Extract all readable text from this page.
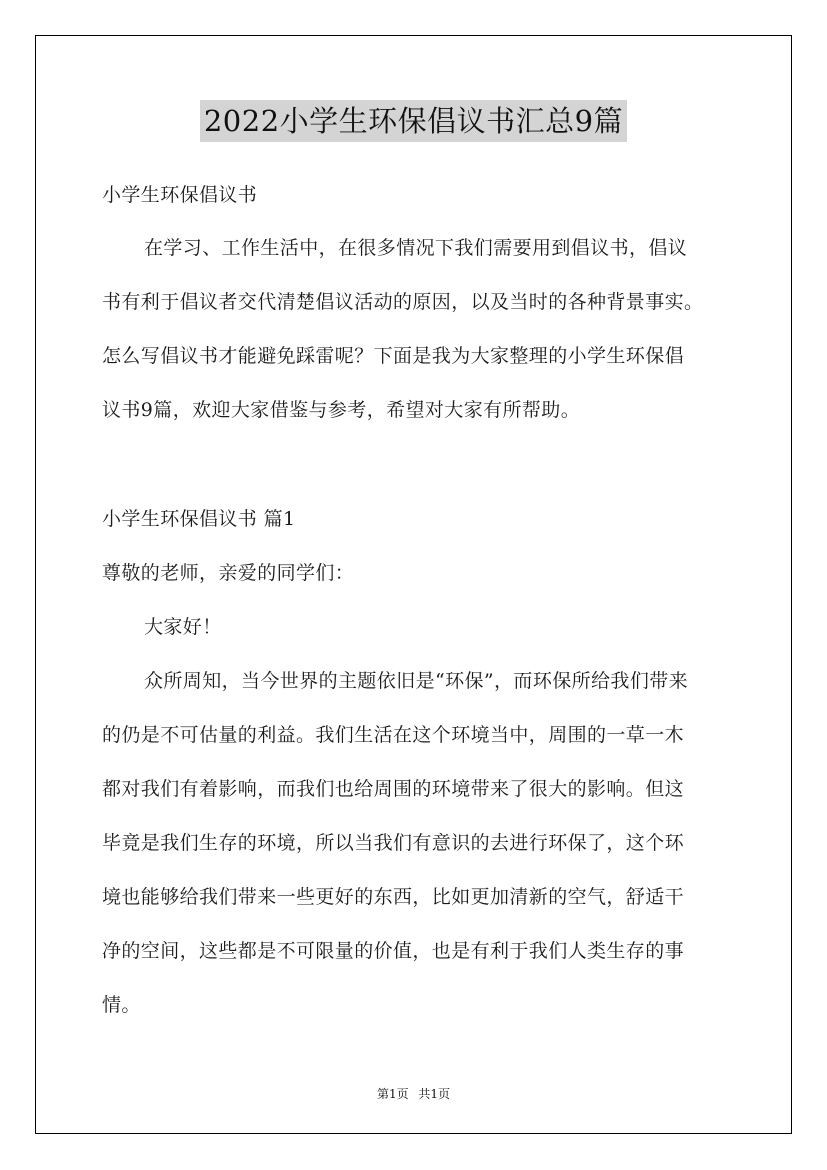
2022小学生环保倡议书汇总9篇
小学生环保倡议书
在学习、工作生活中，在很多情况下我们需要用到倡议书，倡议
书有利于倡议者交代清楚倡议活动的原因，以及当时的各种背景事实。
怎么写倡议书才能避免踩雷呢？下面是我为大家整理的小学生环保倡
议书9篇，欢迎大家借鉴与参考，希望对大家有所帮助。
小学生环保倡议书 篇1
尊敬的老师，亲爱的同学们：
大家好！
众所周知，当今世界的主题依旧是“环保”，而环保所给我们带来
的仍是不可估量的利益。我们生活在这个环境当中，周围的一草一木
都对我们有着影响，而我们也给周围的环境带来了很大的影响。但这
毕竟是我们生存的环境，所以当我们有意识的去进行环保了，这个环
境也能够给我们带来一些更好的东西，比如更加清新的空气，舒适干
净的空间，这些都是不可限量的价值，也是有利于我们人类生存的事
情。
第1页 共1页
